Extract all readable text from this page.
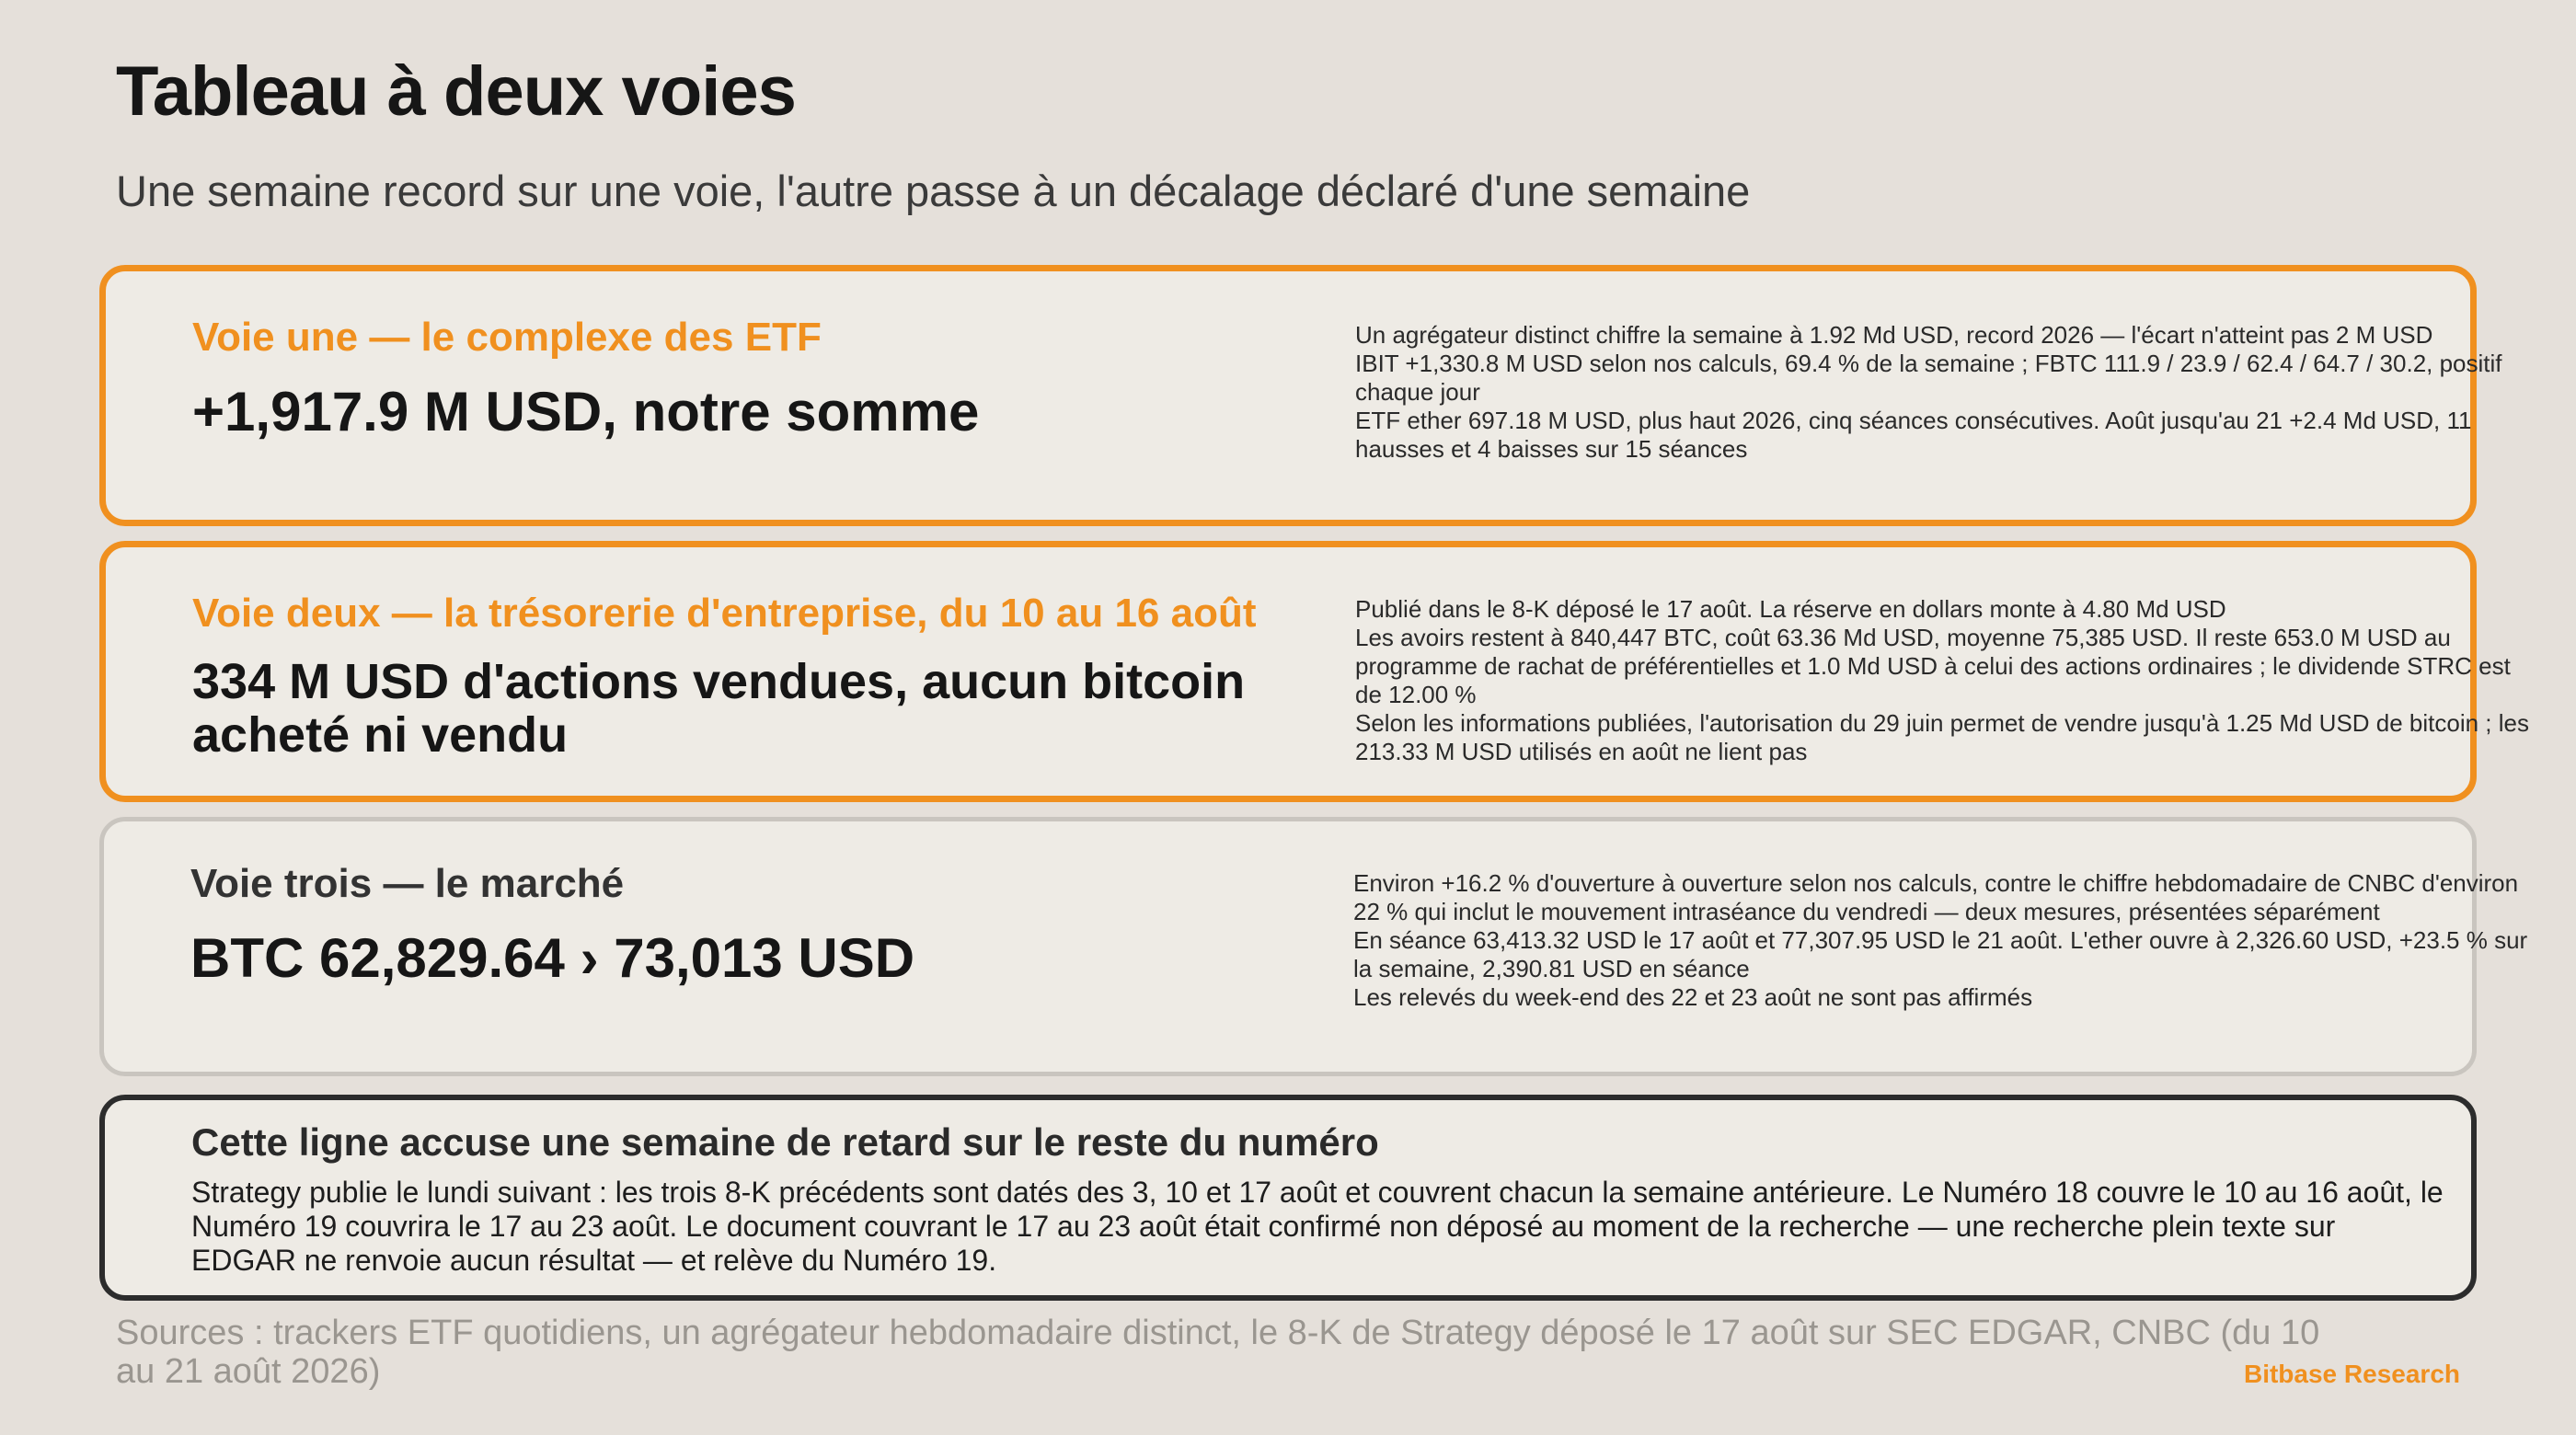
Tableau à deux voies
Une semaine record sur une voie, l'autre passe à un décalage déclaré d'une semaine
Voie une — le complexe des ETF
+1,917.9 M USD, notre somme
Un agrégateur distinct chiffre la semaine à 1.92 Md USD, record 2026 — l'écart n'atteint pas 2 M USD
IBIT +1,330.8 M USD selon nos calculs, 69.4 % de la semaine ; FBTC 111.9 / 23.9 / 62.4 / 64.7 / 30.2, positif chaque jour
ETF ether 697.18 M USD, plus haut 2026, cinq séances consécutives. Août jusqu'au 21 +2.4 Md USD, 11 hausses et 4 baisses sur 15 séances
Voie deux — la trésorerie d'entreprise, du 10 au 16 août
334 M USD d'actions vendues, aucun bitcoin acheté ni vendu
Publié dans le 8-K déposé le 17 août. La réserve en dollars monte à 4.80 Md USD
Les avoirs restent à 840,447 BTC, coût 63.36 Md USD, moyenne 75,385 USD. Il reste 653.0 M USD au programme de rachat de préférentielles et 1.0 Md USD à celui des actions ordinaires ; le dividende STRC est de 12.00 %
Selon les informations publiées, l'autorisation du 29 juin permet de vendre jusqu'à 1.25 Md USD de bitcoin ; les 213.33 M USD utilisés en août ne lient pas
Voie trois — le marché
BTC 62,829.64 › 73,013 USD
Environ +16.2 % d'ouverture à ouverture selon nos calculs, contre le chiffre hebdomadaire de CNBC d'environ 22 % qui inclut le mouvement intraséance du vendredi — deux mesures, présentées séparément
En séance 63,413.32 USD le 17 août et 77,307.95 USD le 21 août. L'ether ouvre à 2,326.60 USD, +23.5 % sur la semaine, 2,390.81 USD en séance
Les relevés du week-end des 22 et 23 août ne sont pas affirmés
Cette ligne accuse une semaine de retard sur le reste du numéro
Strategy publie le lundi suivant : les trois 8-K précédents sont datés des 3, 10 et 17 août et couvrent chacun la semaine antérieure. Le Numéro 18 couvre le 10 au 16 août, le Numéro 19 couvrira le 17 au 23 août. Le document couvrant le 17 au 23 août était confirmé non déposé au moment de la recherche — une recherche plein texte sur EDGAR ne renvoie aucun résultat — et relève du Numéro 19.
Sources : trackers ETF quotidiens, un agrégateur hebdomadaire distinct, le 8-K de Strategy déposé le 17 août sur SEC EDGAR, CNBC (du 10 au 21 août 2026)	Bitbase Research
